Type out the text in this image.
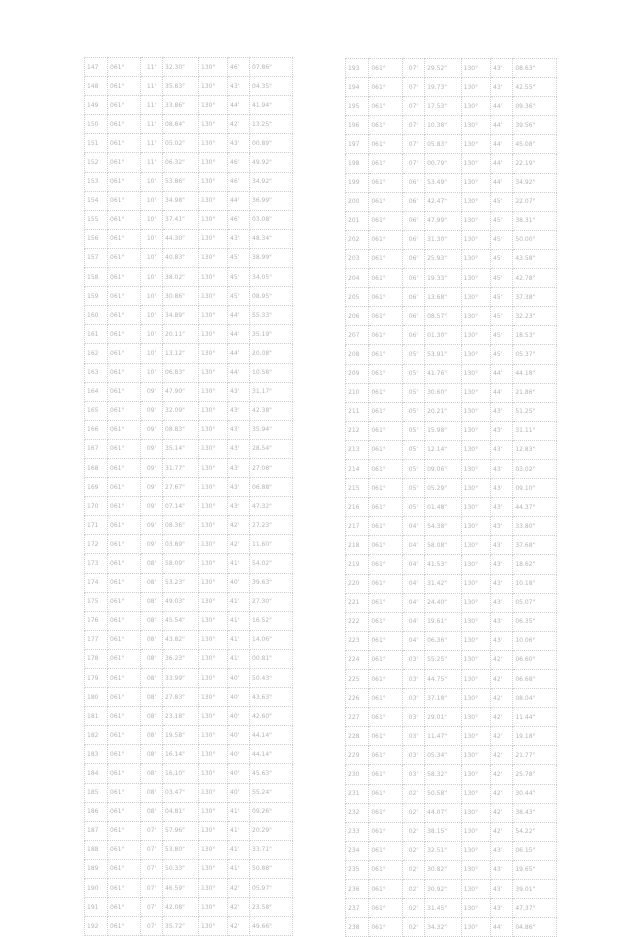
147	061°	11'	32.30"	130°	46'	07.86"
148	061°	11'	35.83"	130°	43'	04.35"
149	061°	11'	33.86"	130°	44'	41.94"
150	061°	11'	08.84"	130°	42'	13.25"
151	061°	11'	05.02"	130°	43'	00.89"
152	061°	11'	06.32"	130°	46'	49.92"
153	061°	10'	53.86"	130°	46'	34.92"
154	061°	10'	34.98"	130°	44'	36.99"
155	061°	10'	37.41"	130°	46'	03.08"
156	061°	10'	44.30"	130°	43'	48.34"
157	061°	10'	40.83"	130°	45'	38.99"
158	061°	10'	38.02"	130°	45'	34.05"
159	061°	10'	30.86"	130°	45'	08.95"
160	061°	10'	34.89"	130°	44'	55.33"
161	061°	10'	20.11"	130°	44'	35.19"
162	061°	10'	13.12"	130°	44'	20.08"
163	061°	10'	06.83"	130°	44'	10.58"
164	061°	09'	47.90"	130°	43'	31.17"
165	061°	09'	32.09"	130°	43'	42.38"
166	061°	09'	08.83"	130°	43'	35.94"
167	061°	09'	35.14"	130°	43'	28.54"
168	061°	09'	31.77"	130°	43'	27.08"
169	061°	09'	27.67"	130°	43'	06.88"
170	061°	09'	07.14"	130°	43'	47.32"
171	061°	09'	08.36"	130°	42'	27.23"
172	061°	09'	03.89"	130°	42'	11.60"
173	061°	08'	58.09"	130°	41'	54.02"
174	061°	08'	53.23"	130°	40'	39.63"
175	061°	08'	49.03"	130°	41'	27.30"
176	061°	08'	45.54"	130°	41'	16.52"
177	061°	08'	43.82"	130°	41'	14.06"
178	061°	08'	36.23"	130°	41'	00.81"
179	061°	08'	33.99"	130°	40'	50.43"
180	061°	08'	27.83"	130°	40'	43.63"
181	061°	08'	23.18"	130°	40'	42.60"
182	061°	08'	19.58"	130°	40'	44.14"
183	061°	08'	16.14"	130°	40'	44.14"
184	061°	08'	16.10"	130°	40'	45.63"
185	061°	08'	03.47"	130°	40'	55.24"
186	061°	08'	04.81"	130°	41'	09.26"
187	061°	07'	57.96"	130°	41'	20.29"
188	061°	07'	53.80"	130°	41'	33.71"
189	061°	07'	50.33"	130°	41'	50.88"
190	061°	07'	46.59"	130°	42'	05.97"
191	061°	07'	42.08"	130°	42'	23.58"
192	061°	07'	35.72"	130°	42'	49.66"
193	061°	07'	29.52"	130°	43'	08.63"
194	061°	07'	19.73"	130°	43'	42.55"
195	061°	07'	17.53"	130°	44'	09.36"
196	061°	07'	10.38"	130°	44'	39.56"
197	061°	07'	05.83"	130°	44'	45.08"
198	061°	07'	00.79"	130°	44'	22.19"
199	061°	06'	53.49"	130°	44'	34.92"
200	061°	06'	42.47"	130°	45'	22.07"
201	061°	06'	47.99"	130°	45'	38.31"
202	061°	06'	31.30"	130°	45'	50.00"
203	061°	06'	25.93"	130°	45'	43.58"
204	061°	06'	19.33"	130°	45'	42.78"
205	061°	06'	13.68"	130°	45'	37.38"
206	061°	06'	08.57"	130°	45'	32.23"
207	061°	06'	01.30"	130°	45'	18.53"
208	061°	05'	53.91"	130°	45'	05.37"
209	061°	05'	41.76"	130°	44'	44.18"
210	061°	05'	30.60"	130°	44'	21.86"
211	061°	05'	20.21"	130°	43'	51.25"
212	061°	05'	15.98"	130°	43'	31.11"
213	061°	05'	12.14"	130°	43'	12.83"
214	061°	05'	09.06"	130°	43'	03.02"
215	061°	05'	05.29"	130°	43'	09.10"
216	061°	05'	01.48"	130°	43'	44.37"
217	061°	04'	54.38"	130°	43'	33.80"
218	061°	04'	58.08"	130°	43'	37.68"
219	061°	04'	41.53"	130°	43'	18.62"
220	061°	04'	31.42"	130°	43'	10.18"
221	061°	04'	24.40"	130°	43'	05.07"
222	061°	04'	19.61"	130°	43'	06.35"
223	061°	04'	06.36"	130°	43'	10.06"
224	061°	03'	55.25"	130°	42'	06.60"
225	061°	03'	44.75"	130°	42'	06.68"
226	061°	03'	37.18"	130°	42'	08.04"
227	061°	03'	29.01"	130°	42'	11.44"
228	061°	03'	11.47"	130°	42'	19.18"
229	061°	03'	05.34"	130°	42'	21.77"
230	061°	03'	58.32"	130°	42'	25.78"
231	061°	02'	50.58"	130°	42'	30.44"
232	061°	02'	44.07"	130°	42'	38.43"
233	061°	02'	38.15"	130°	42'	54.22"
234	061°	02'	32.51"	130°	43'	06.15"
235	061°	02'	30.82"	130°	43'	19.65"
236	061°	02'	30.92"	130°	43'	39.01"
237	061°	02'	31.45"	130°	43'	47.37"
238	061°	02'	34.32"	130°	44'	04.86"
